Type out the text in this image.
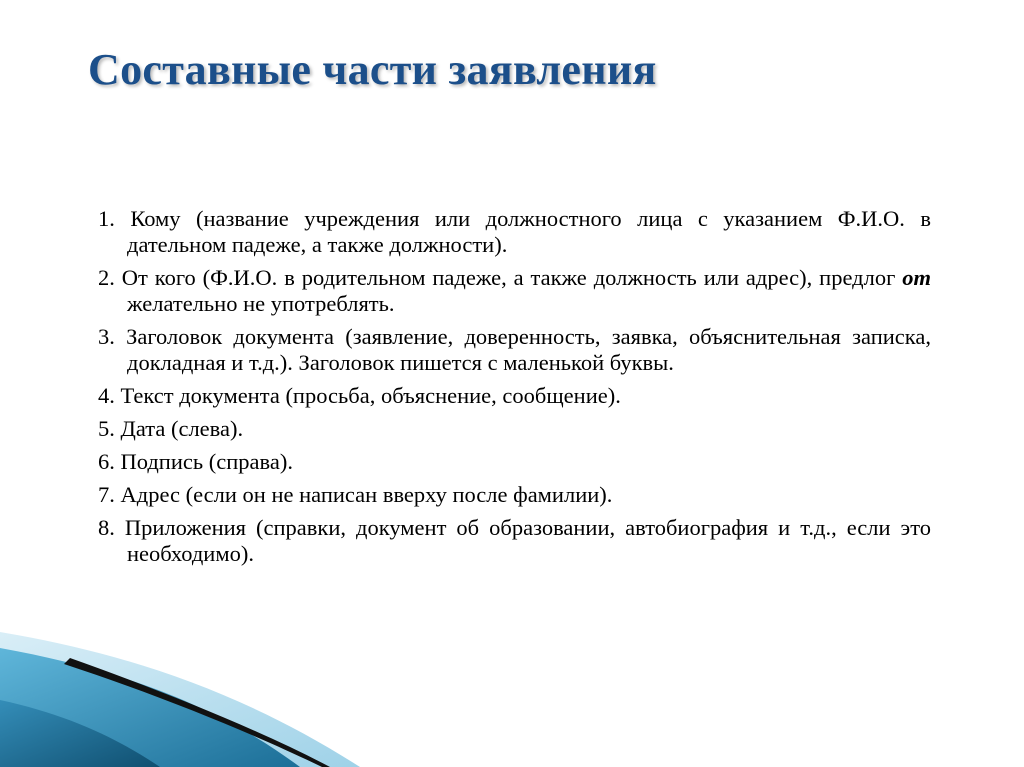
Составные части заявления
1. Кому (название учреждения или должностного лица с указанием Ф.И.О. в дательном падеже, а также должности).
2. От кого (Ф.И.О. в родительном падеже, а также должность или адрес), предлог от желательно не употреблять.
3. Заголовок документа (заявление, доверенность, заявка, объяснительная записка, докладная и т.д.). Заголовок пишется с маленькой буквы.
4. Текст документа (просьба, объяснение, сообщение).
5. Дата (слева).
6. Подпись (справа).
7. Адрес (если он не написан вверху после фамилии).
8. Приложения (справки, документ об образовании, автобиография и т.д., если это необходимо).
